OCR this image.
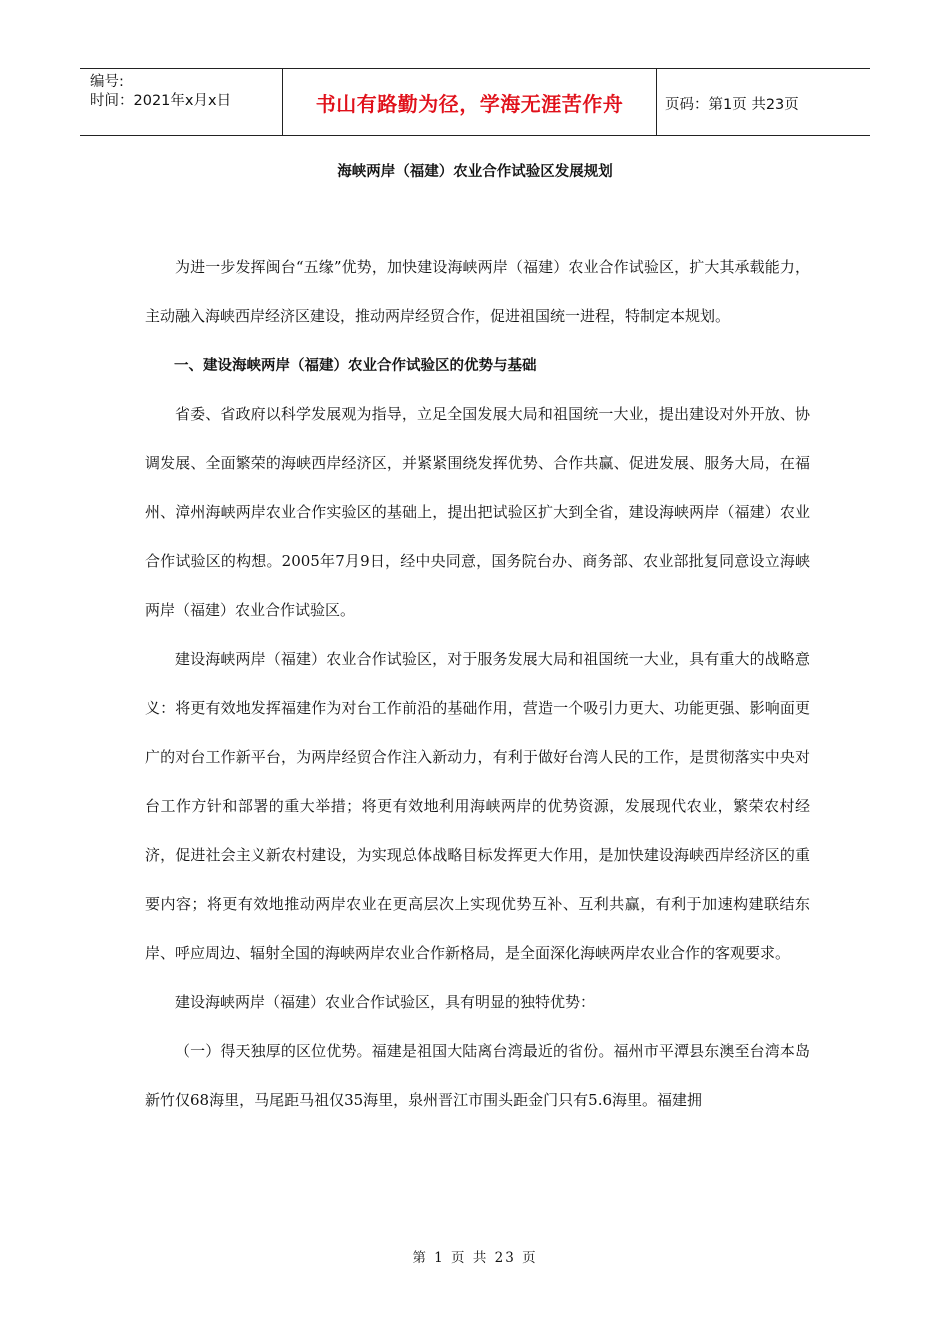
编号:
时间：2021年x月x日	书山有路勤为径，学海无涯苦作舟	页码：第1页 共23页
海峡两岸（福建）农业合作试验区发展规划

为进一步发挥闽台“五缘”优势，加快建设海峡两岸（福建）农业合作试验区，扩大其承载能力，主动融入海峡西岸经济区建设，推动两岸经贸合作，促进祖国统一进程，特制定本规划。

一、建设海峡两岸（福建）农业合作试验区的优势与基础

省委、省政府以科学发展观为指导，立足全国发展大局和祖国统一大业，提出建设对外开放、协调发展、全面繁荣的海峡西岸经济区，并紧紧围绕发挥优势、合作共赢、促进发展、服务大局，在福州、漳州海峡两岸农业合作实验区的基础上，提出把试验区扩大到全省，建设海峡两岸（福建）农业合作试验区的构想。2005年7月9日，经中央同意，国务院台办、商务部、农业部批复同意设立海峡两岸（福建）农业合作试验区。

建设海峡两岸（福建）农业合作试验区，对于服务发展大局和祖国统一大业，具有重大的战略意义：将更有效地发挥福建作为对台工作前沿的基础作用，营造一个吸引力更大、功能更强、影响面更广的对台工作新平台，为两岸经贸合作注入新动力，有利于做好台湾人民的工作，是贯彻落实中央对台工作方针和部署的重大举措；将更有效地利用海峡两岸的优势资源，发展现代农业，繁荣农村经济，促进社会主义新农村建设，为实现总体战略目标发挥更大作用，是加快建设海峡西岸经济区的重要内容；将更有效地推动两岸农业在更高层次上实现优势互补、互利共赢，有利于加速构建联结东岸、呼应周边、辐射全国的海峡两岸农业合作新格局，是全面深化海峡两岸农业合作的客观要求。

建设海峡两岸（福建）农业合作试验区，具有明显的独特优势：

（一）得天独厚的区位优势。福建是祖国大陆离台湾最近的省份。福州市平潭县东澳至台湾本岛新竹仅68海里，马尾距马祖仅35海里，泉州晋江市围头距金门只有5.6海里。福建拥

第 1 页 共 23 页
